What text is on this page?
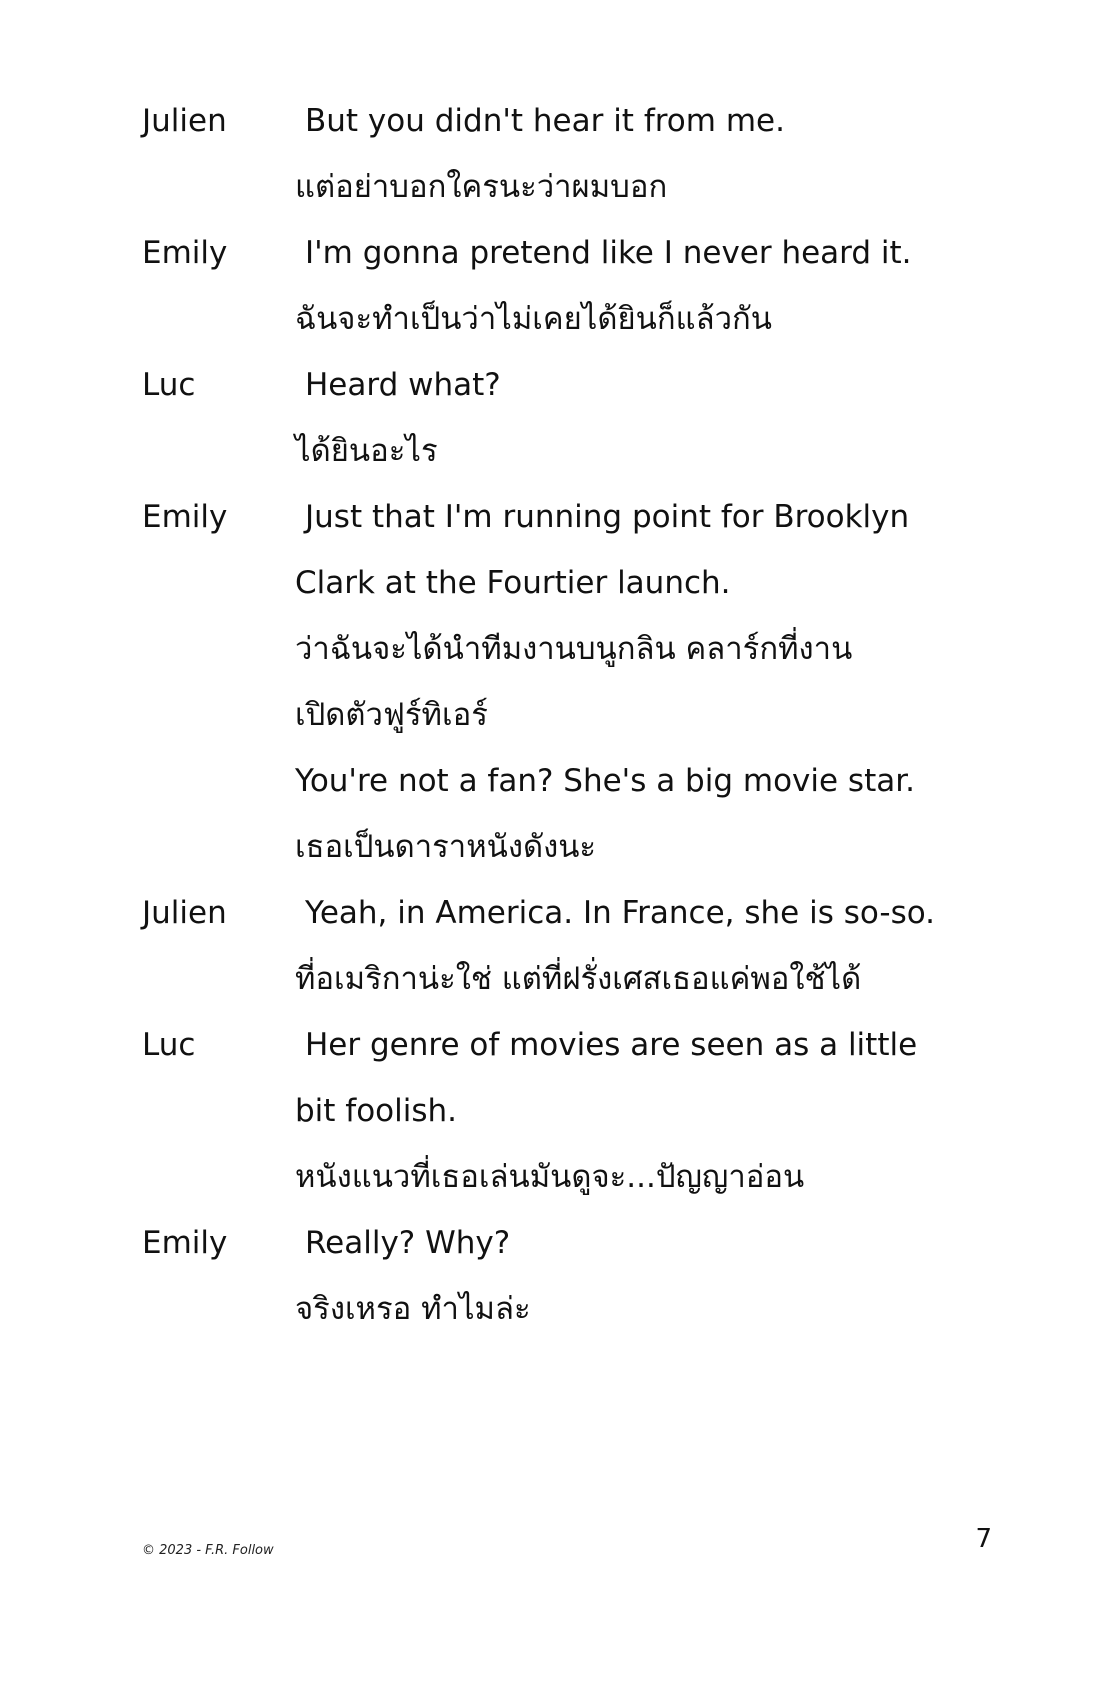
Julien	But you didn't hear it from me.
แต่อย่าบอกใครนะว่าผมบอก
Emily	I'm gonna pretend like I never heard it.
ฉันจะทำเป็นว่าไม่เคยได้ยินก็แล้วกัน
Luc	Heard what?
ได้ยินอะไร
Emily	Just that I'm running point for Brooklyn
Clark at the Fourtier launch.
ว่าฉันจะได้นำทีมงานบนูกลิน คลาร์กที่งาน
เปิดตัวฟูร์ทิเอร์
You're not a fan? She's a big movie star.
เธอเป็นดาราหนังดังนะ
Julien	Yeah, in America. In France, she is so-so.
ที่อเมริกาน่ะใช่ แต่ที่ฝรั่งเศสเธอแค่พอใช้ได้
Luc	Her genre of movies are seen as a little
bit foolish.
หนังแนวที่เธอเล่นมันดูจะ...ปัญญาอ่อน
Emily	Really? Why?
จริงเหรอ ทำไมล่ะ
© 2023 - F.R. Follow	7
